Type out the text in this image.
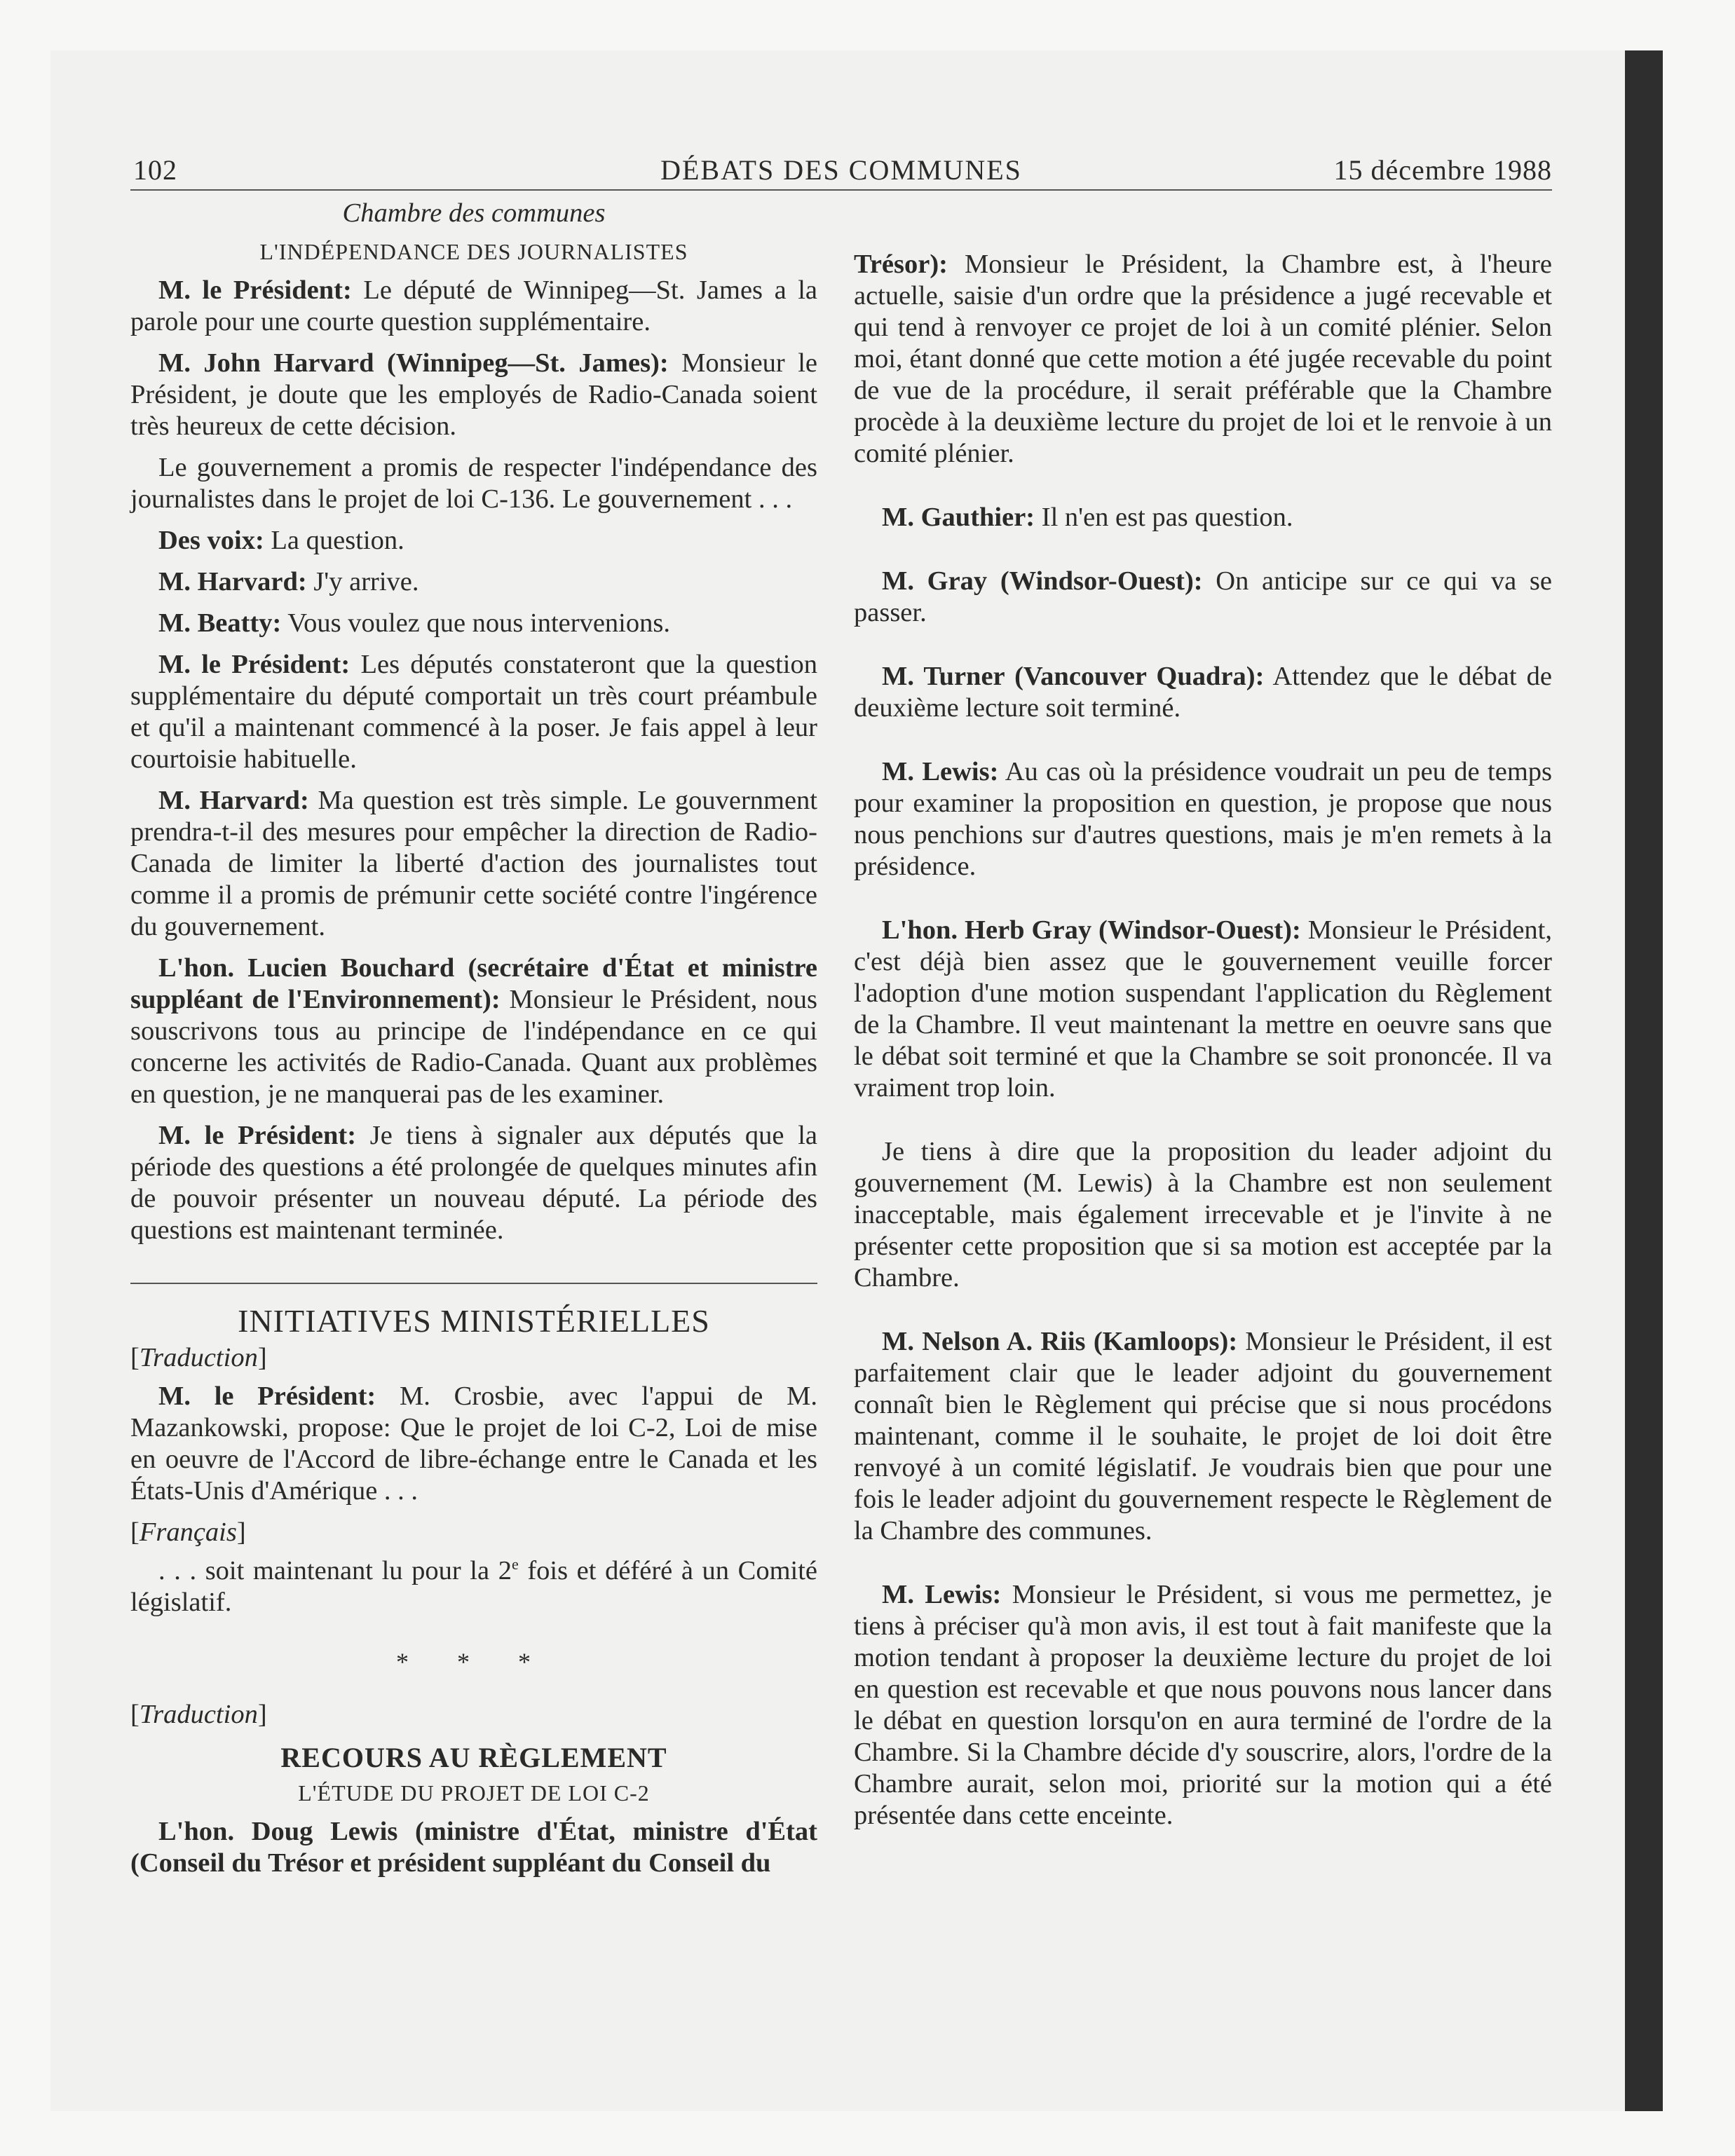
102	DÉBATS DES COMMUNES	15 décembre 1988
Chambre des communes
L'INDÉPENDANCE DES JOURNALISTES

M. le Président: Le député de Winnipeg—St. James a la parole pour une courte question supplémentaire.

M. John Harvard (Winnipeg—St. James): Monsieur le Président, je doute que les employés de Radio-Canada soient très heureux de cette décision.

Le gouvernement a promis de respecter l'indépendance des journalistes dans le projet de loi C-136. Le gouvernement . . .

Des voix: La question.

M. Harvard: J'y arrive.

M. Beatty: Vous voulez que nous intervenions.

M. le Président: Les députés constateront que la question supplémentaire du député comportait un très court préambule et qu'il a maintenant commencé à la poser. Je fais appel à leur courtoisie habituelle.

M. Harvard: Ma question est très simple. Le gouvernment prendra-t-il des mesures pour empêcher la direction de Radio-Canada de limiter la liberté d'action des journalistes tout comme il a promis de prémunir cette société contre l'ingérence du gouvernement.

L'hon. Lucien Bouchard (secrétaire d'État et ministre suppléant de l'Environnement): Monsieur le Président, nous souscrivons tous au principe de l'indépendance en ce qui concerne les activités de Radio-Canada. Quant aux problèmes en question, je ne manquerai pas de les examiner.

M. le Président: Je tiens à signaler aux députés que la période des questions a été prolongée de quelques minutes afin de pouvoir présenter un nouveau député. La période des questions est maintenant terminée.

INITIATIVES MINISTÉRIELLES
[Traduction]

M. le Président: M. Crosbie, avec l'appui de M. Mazankowski, propose: Que le projet de loi C-2, Loi de mise en oeuvre de l'Accord de libre-échange entre le Canada et les États-Unis d'Amérique . . .

[Français]

. . . soit maintenant lu pour la 2e fois et déféré à un Comité législatif.

* * *
[Traduction]
RECOURS AU RÈGLEMENT
L'ÉTUDE DU PROJET DE LOI C-2

L'hon. Doug Lewis (ministre d'État, ministre d'État (Conseil du Trésor et président suppléant du Conseil du

Trésor): Monsieur le Président, la Chambre est, à l'heure actuelle, saisie d'un ordre que la présidence a jugé recevable et qui tend à renvoyer ce projet de loi à un comité plénier. Selon moi, étant donné que cette motion a été jugée recevable du point de vue de la procédure, il serait préférable que la Chambre procède à la deuxième lecture du projet de loi et le renvoie à un comité plénier.

M. Gauthier: Il n'en est pas question.

M. Gray (Windsor-Ouest): On anticipe sur ce qui va se passer.

M. Turner (Vancouver Quadra): Attendez que le débat de deuxième lecture soit terminé.

M. Lewis: Au cas où la présidence voudrait un peu de temps pour examiner la proposition en question, je propose que nous nous penchions sur d'autres questions, mais je m'en remets à la présidence.

L'hon. Herb Gray (Windsor-Ouest): Monsieur le Président, c'est déjà bien assez que le gouvernement veuille forcer l'adoption d'une motion suspendant l'application du Règlement de la Chambre. Il veut maintenant la mettre en oeuvre sans que le débat soit terminé et que la Chambre se soit prononcée. Il va vraiment trop loin.

Je tiens à dire que la proposition du leader adjoint du gouvernement (M. Lewis) à la Chambre est non seulement inacceptable, mais également irrecevable et je l'invite à ne présenter cette proposition que si sa motion est acceptée par la Chambre.

M. Nelson A. Riis (Kamloops): Monsieur le Président, il est parfaitement clair que le leader adjoint du gouvernement connaît bien le Règlement qui précise que si nous procédons maintenant, comme il le souhaite, le projet de loi doit être renvoyé à un comité législatif. Je voudrais bien que pour une fois le leader adjoint du gouvernement respecte le Règlement de la Chambre des communes.

M. Lewis: Monsieur le Président, si vous me permettez, je tiens à préciser qu'à mon avis, il est tout à fait manifeste que la motion tendant à proposer la deuxième lecture du projet de loi en question est recevable et que nous pouvons nous lancer dans le débat en question lorsqu'on en aura terminé de l'ordre de la Chambre. Si la Chambre décide d'y souscrire, alors, l'ordre de la Chambre aurait, selon moi, priorité sur la motion qui a été présentée dans cette enceinte.
